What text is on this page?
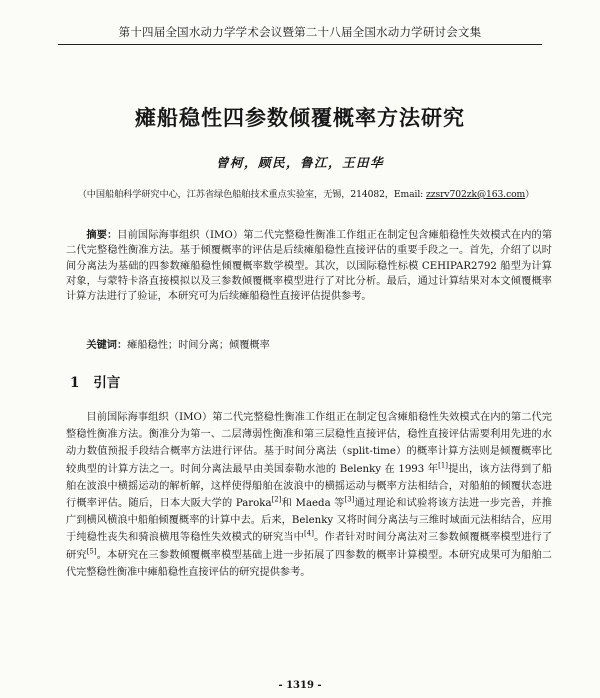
第十四届全国水动力学学术会议暨第二十八届全国水动力学研讨会文集
瘫船稳性四参数倾覆概率方法研究
曾柯，顾民，鲁江，王田华
（中国船舶科学研究中心，江苏省绿色船舶技术重点实验室，无锡，214082，Email: zzsrv702zk@163.com）

摘要：目前国际海事组织（IMO）第二代完整稳性衡准工作组正在制定包含瘫船稳性失效模式在内的第二代完整稳性衡准方法。基于倾覆概率的评估是后续瘫船稳性直接评估的重要手段之一。首先，介绍了以时间分离法为基础的四参数瘫船稳性倾覆概率数学模型。其次，以国际稳性标模 CEHIPAR2792 船型为计算对象，与蒙特卡洛直接模拟以及三参数倾覆概率模型进行了对比分析。最后，通过计算结果对本文倾覆概率计算方法进行了验证，本研究可为后续瘫船稳性直接评估提供参考。

关键词：瘫船稳性；时间分离；倾覆概率
1 引言

目前国际海事组织（IMO）第二代完整稳性衡准工作组正在制定包含瘫船稳性失效模式在内的第二代完整稳性衡准方法。衡准分为第一、二层薄弱性衡准和第三层稳性直接评估，稳性直接评估需要利用先进的水动力数值预报手段结合概率方法进行评估。基于时间分离法（split-time）的概率计算方法则是倾覆概率比较典型的计算方法之一。时间分离法最早由美国泰勒水池的 Belenky 在 1993 年[1]提出，该方法得到了船舶在波浪中横摇运动的解析解，这样使得船舶在波浪中的横摇运动与概率方法相结合，对船舶的倾覆状态进行概率评估。随后，日本大阪大学的 Paroka[2]和 Maeda 等[3]通过理论和试验将该方法进一步完善，并推广到横风横浪中船舶倾覆概率的计算中去。后来，Belenky 又将时间分离法与三维时域面元法相结合，应用于纯稳性丧失和骑浪横甩等稳性失效模式的研究当中[4]。作者针对时间分离法对三参数倾覆概率模型进行了研究[5]。本研究在三参数倾覆概率模型基础上进一步拓展了四参数的概率计算模型。本研究成果可为船舶二代完整稳性衡准中瘫船稳性直接评估的研究提供参考。

- 1319 -
